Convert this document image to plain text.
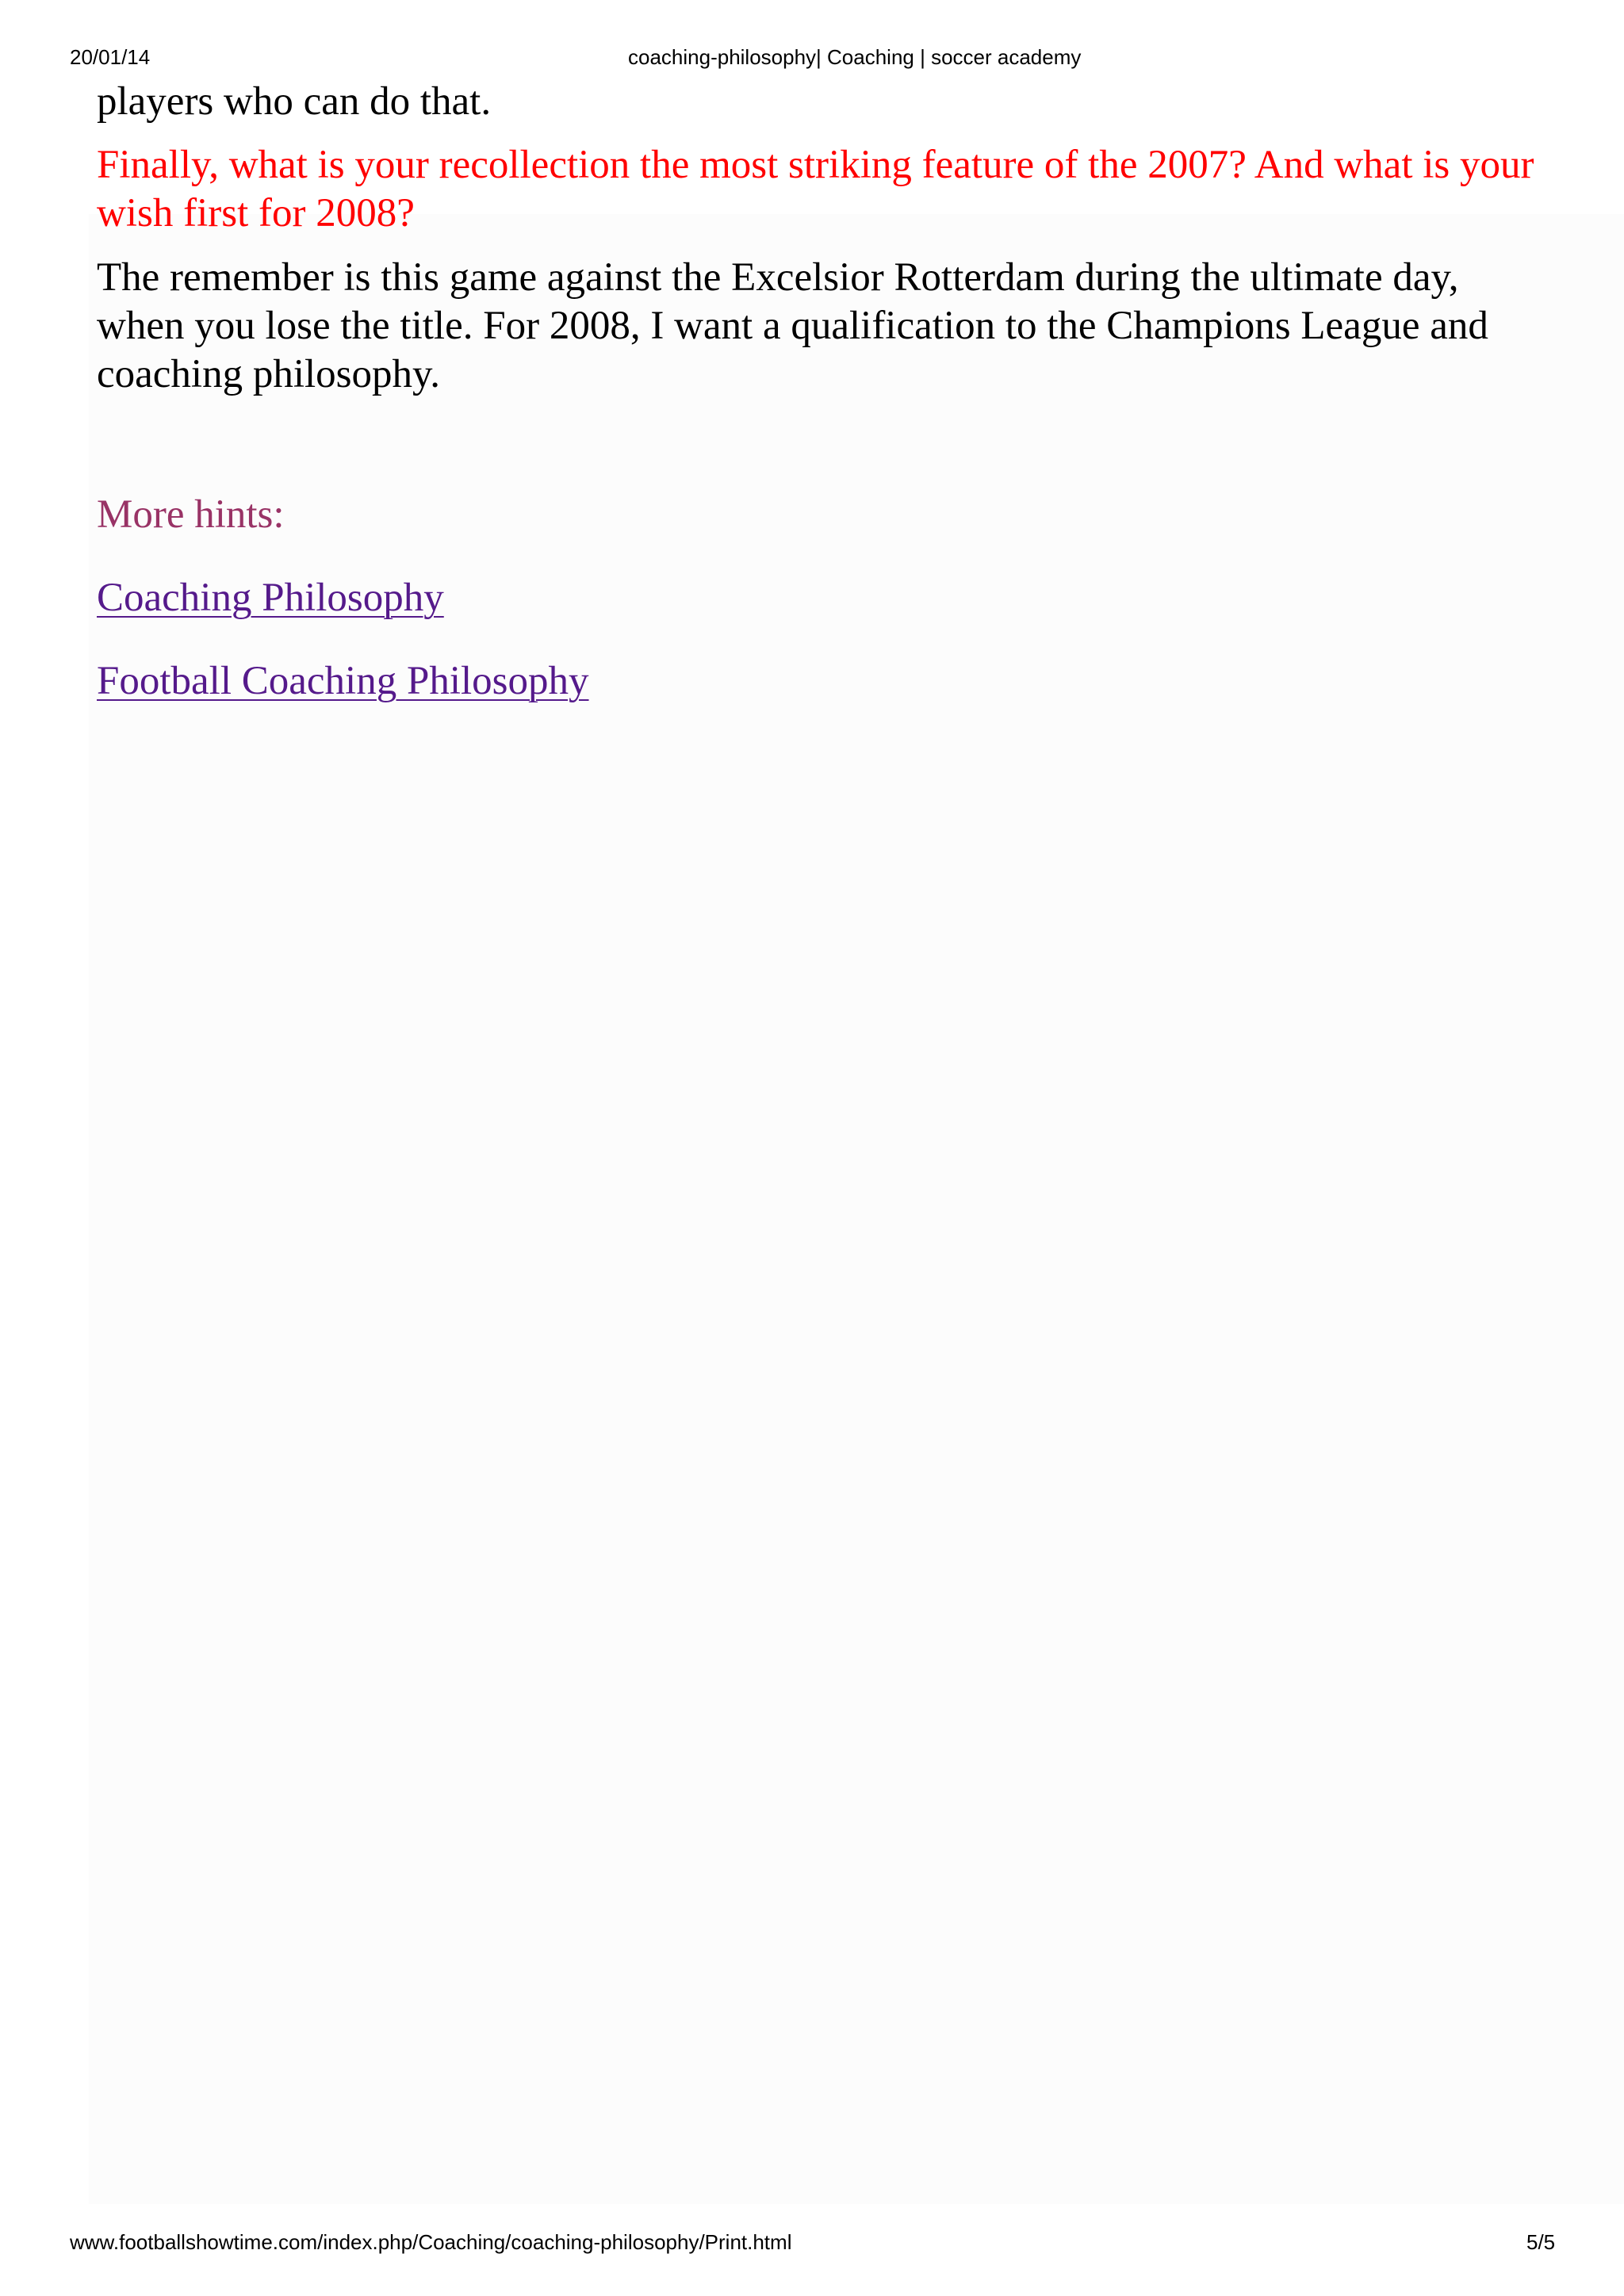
20/01/14	coaching-philosophy| Coaching | soccer academy

players who can do that.

Finally, what is your recollection the most striking feature of the 2007? And what is your wish first for 2008?

The remember is this game against the Excelsior Rotterdam during the ultimate day, when you lose the title. For 2008, I want a qualification to the Champions League and coaching philosophy.

More hints:

Coaching Philosophy

Football Coaching Philosophy

www.footballshowtime.com/index.php/Coaching/coaching-philosophy/Print.html	5/5
